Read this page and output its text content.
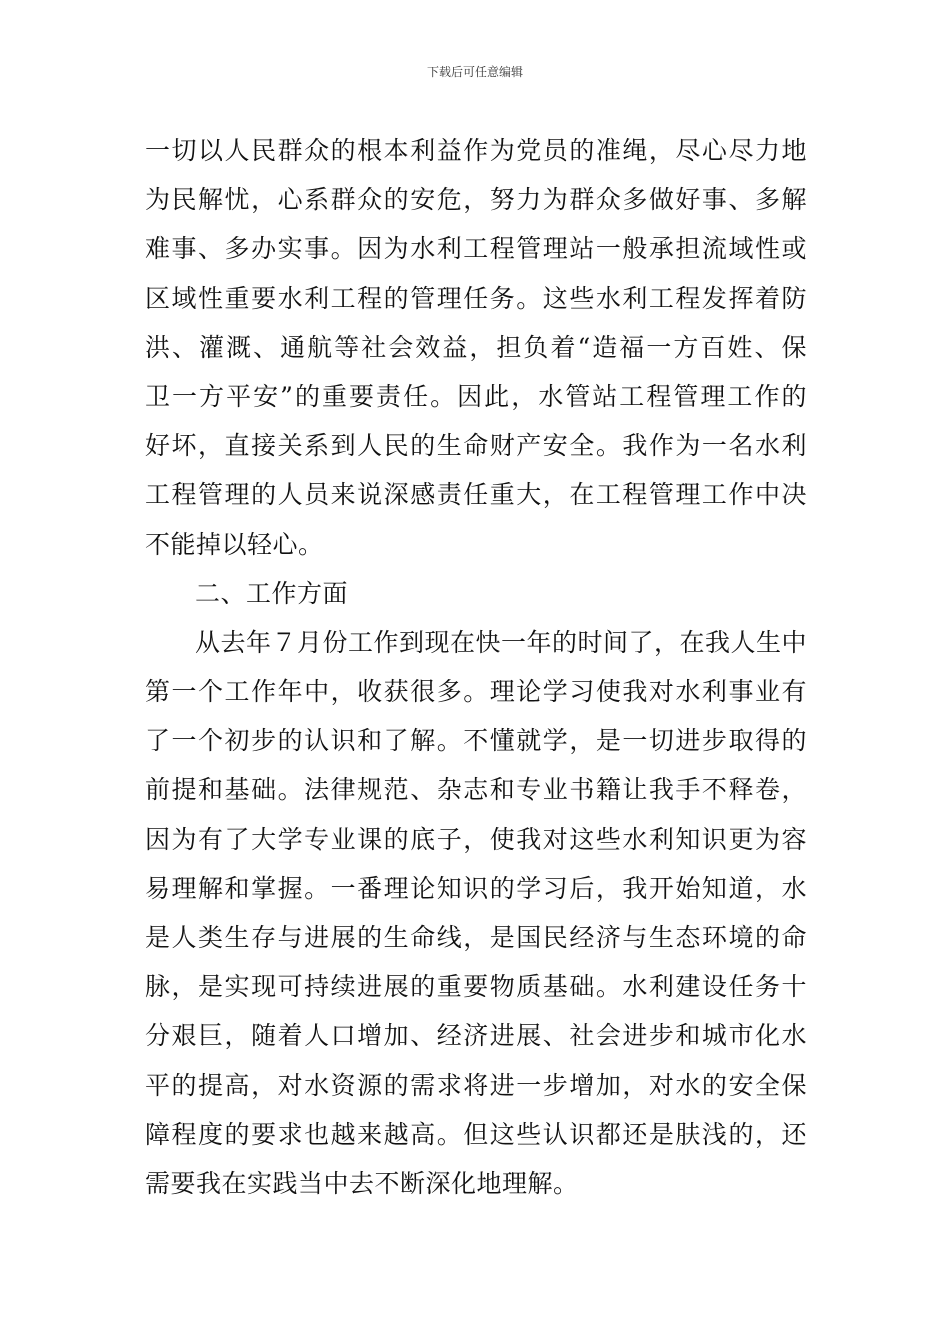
下载后可任意编辑
一切以人民群众的根本利益作为党员的准绳，尽心尽力地
为民解忧，心系群众的安危，努力为群众多做好事、多解
难事、多办实事。因为水利工程管理站一般承担流域性或
区域性重要水利工程的管理任务。这些水利工程发挥着防
洪、灌溉、通航等社会效益，担负着“造福一方百姓、保
卫一方平安”的重要责任。因此，水管站工程管理工作的
好坏，直接关系到人民的生命财产安全。我作为一名水利
工程管理的人员来说深感责任重大，在工程管理工作中决
不能掉以轻心。
二、工作方面
从去年７月份工作到现在快一年的时间了，在我人生中
第一个工作年中，收获很多。理论学习使我对水利事业有
了一个初步的认识和了解。不懂就学，是一切进步取得的
前提和基础。法律规范、杂志和专业书籍让我手不释卷，
因为有了大学专业课的底子，使我对这些水利知识更为容
易理解和掌握。一番理论知识的学习后，我开始知道，水
是人类生存与进展的生命线，是国民经济与生态环境的命
脉，是实现可持续进展的重要物质基础。水利建设任务十
分艰巨，随着人口增加、经济进展、社会进步和城市化水
平的提高，对水资源的需求将进一步增加，对水的安全保
障程度的要求也越来越高。但这些认识都还是肤浅的，还
需要我在实践当中去不断深化地理解。
